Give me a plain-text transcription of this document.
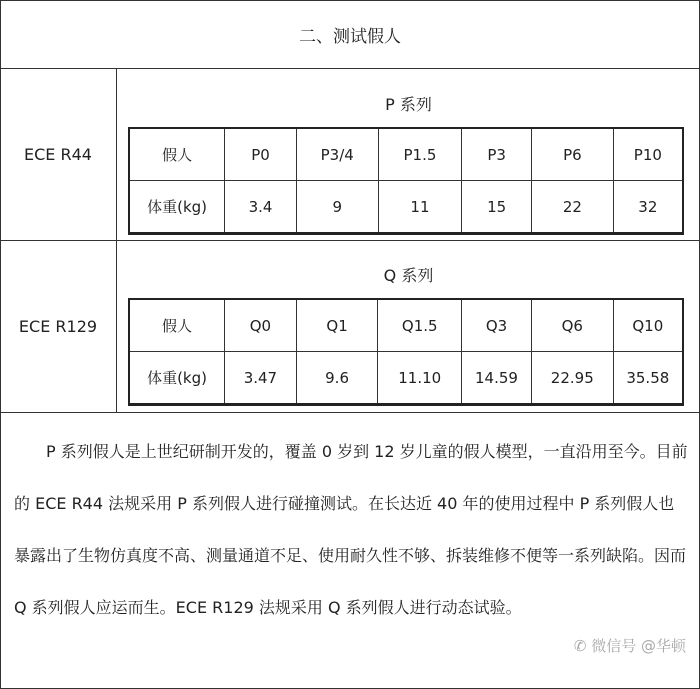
二、测试假人
ECE R44
P 系列
假人	P0	P3/4	P1.5	P3	P6	P10
体重(kg)	3.4	9	11	15	22	32
ECE R129
Q 系列
假人	Q0	Q1	Q1.5	Q3	Q6	Q10
体重(kg)	3.47	9.6	11.10	14.59	22.95	35.58
P 系列假人是上世纪研制开发的，覆盖 0 岁到 12 岁儿童的假人模型，一直沿用至今。目前的 ECE R44 法规采用 P 系列假人进行碰撞测试。在长达近 40 年的使用过程中 P 系列假人也暴露出了生物仿真度不高、测量通道不足、使用耐久性不够、拆装维修不便等一系列缺陷。因而 Q 系列假人应运而生。ECE R129 法规采用 Q 系列假人进行动态试验。
✆ 微信号 @华顿
